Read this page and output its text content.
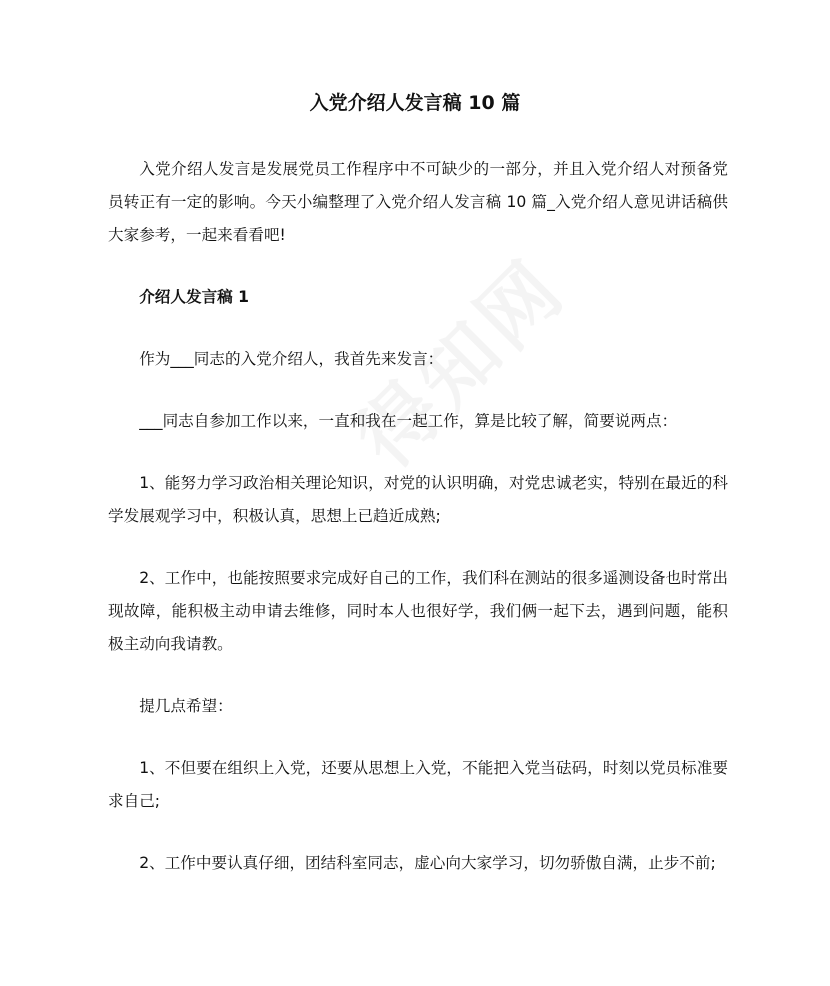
入党介绍人发言稿 10 篇

入党介绍人发言是发展党员工作程序中不可缺少的一部分，并且入党介绍人对预备党员转正有一定的影响。今天小编整理了入党介绍人发言稿 10 篇_入党介绍人意见讲话稿供大家参考，一起来看看吧!

介绍人发言稿 1

作为___同志的入党介绍人，我首先来发言：

___同志自参加工作以来，一直和我在一起工作，算是比较了解，简要说两点：

1、能努力学习政治相关理论知识，对党的认识明确，对党忠诚老实，特别在最近的科学发展观学习中，积极认真，思想上已趋近成熟;

2、工作中，也能按照要求完成好自己的工作，我们科在测站的很多遥测设备也时常出现故障，能积极主动申请去维修，同时本人也很好学，我们俩一起下去，遇到问题，能积极主动向我请教。

提几点希望：

1、不但要在组织上入党，还要从思想上入党，不能把入党当砝码，时刻以党员标准要求自己;

2、工作中要认真仔细，团结科室同志，虚心向大家学习，切勿骄傲自满，止步不前;
